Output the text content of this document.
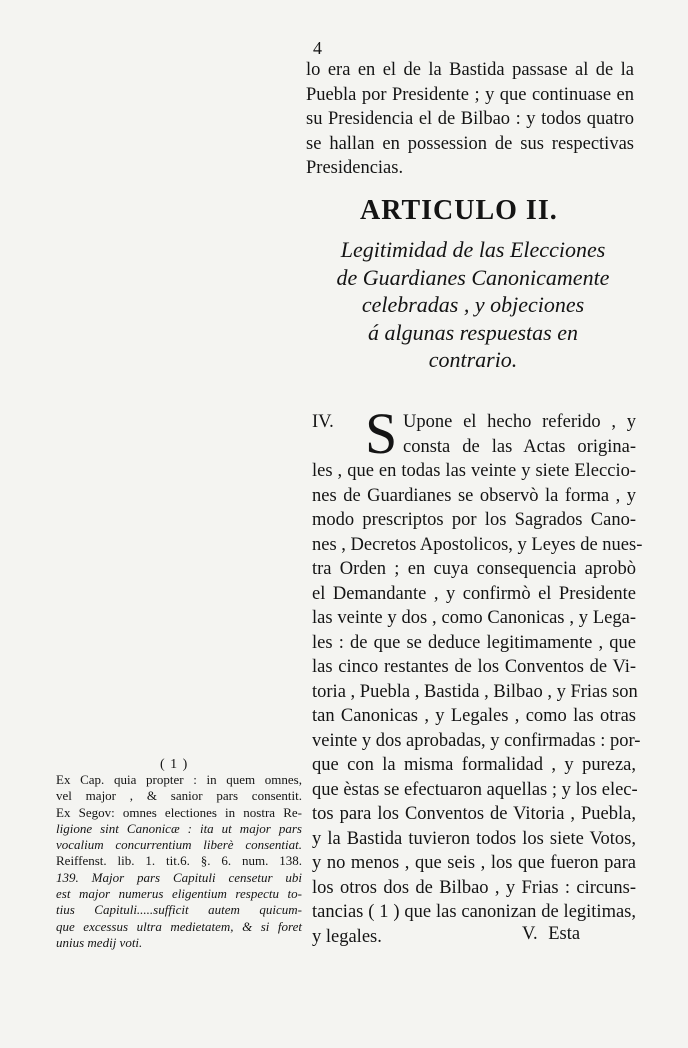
4
lo era en el de la Bastida passase al de la
Puebla por Presidente ; y que continuase en
su Presidencia el de Bilbao : y todos quatro
se hallan en possession de sus respectivas
Presidencias.
ARTICULO II.
Legitimidad de las Elecciones
de Guardianes Canonicamente
celebradas , y objeciones
á algunas respuestas en
contrario.
S
IV.	Upone el hecho referido , y
consta de las Actas origina-
les , que en todas las veinte y siete Eleccio-
nes de Guardianes se observò la forma , y
modo prescriptos por los Sagrados Cano-
nes , Decretos Apostolicos, y Leyes de nues-
tra Orden ; en cuya consequencia aprobò
el Demandante , y confirmò el Presidente
las veinte y dos , como Canonicas , y Lega-
les : de que se deduce legitimamente , que
las cinco restantes de los Conventos de Vi-
toria , Puebla , Bastida , Bilbao , y Frias son
tan Canonicas , y Legales , como las otras
veinte y dos aprobadas, y confirmadas : por-
que con la misma formalidad , y pureza,
que èstas se efectuaron aquellas ; y los elec-
tos para los Conventos de Vitoria , Puebla,
y la Bastida tuvieron todos los siete Votos,
y no menos , que seis , los que fueron para
los otros dos de Bilbao , y Frias : circuns-
tancias ( 1 ) que las canonizan de legitimas,
y legales.	V. Esta
( 1 )
Ex Cap. quia propter : in quem omnes,
vel major , & sanior pars consentit.
Ex Segov: omnes electiones in nostra Re-
ligione sint Canonicæ : ita ut major pars
vocalium concurrentium liberè consentiat.
Reiffenst. lib. 1. tit.6. §. 6. num. 138.
139. Major pars Capituli censetur ubi
est major numerus eligentium respectu to-
tius Capituli.....sufficit autem quicum-
que excessus ultra medietatem, & si foret
unius medij voti.
